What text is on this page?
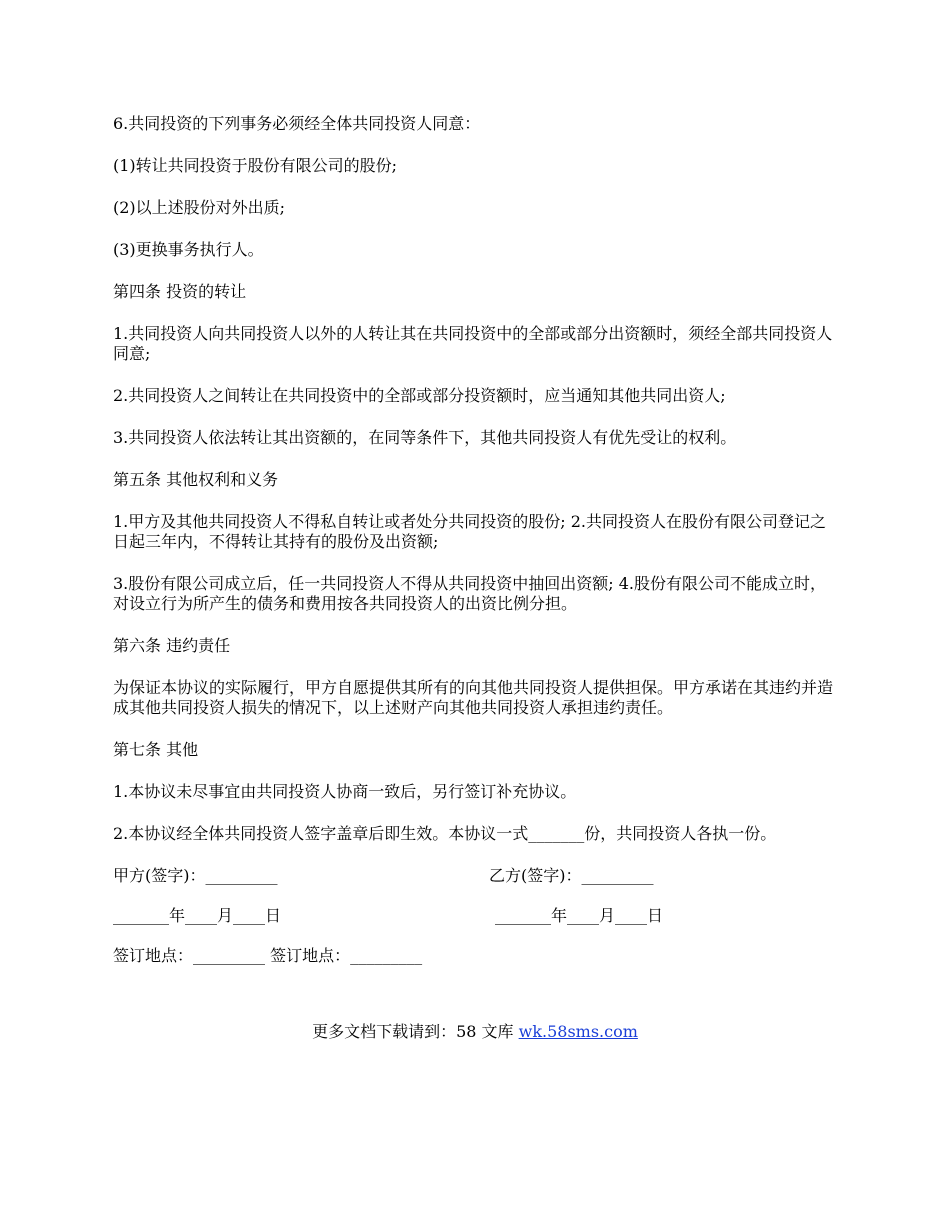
6.共同投资的下列事务必须经全体共同投资人同意：

(1)转让共同投资于股份有限公司的股份;

(2)以上述股份对外出质;

(3)更换事务执行人。

第四条 投资的转让

1.共同投资人向共同投资人以外的人转让其在共同投资中的全部或部分出资额时，须经全部共同投资人同意;

2.共同投资人之间转让在共同投资中的全部或部分投资额时，应当通知其他共同出资人;

3.共同投资人依法转让其出资额的，在同等条件下，其他共同投资人有优先受让的权利。

第五条 其他权利和义务

1.甲方及其他共同投资人不得私自转让或者处分共同投资的股份; 2.共同投资人在股份有限公司登记之日起三年内，不得转让其持有的股份及出资额;

3.股份有限公司成立后，任一共同投资人不得从共同投资中抽回出资额; 4.股份有限公司不能成立时，对设立行为所产生的债务和费用按各共同投资人的出资比例分担。

第六条 违约责任

为保证本协议的实际履行，甲方自愿提供其所有的向其他共同投资人提供担保。甲方承诺在其违约并造成其他共同投资人损失的情况下，以上述财产向其他共同投资人承担违约责任。

第七条 其他

1.本协议未尽事宜由共同投资人协商一致后，另行签订补充协议。

2.本协议经全体共同投资人签字盖章后即生效。本协议一式_______份，共同投资人各执一份。

甲方(签字)：_________	乙方(签字)：_________
_______年____月____日	_______年____月____日
签订地点：_________ 签订地点：_________
更多文档下载请到：58 文库 wk.58sms.com
